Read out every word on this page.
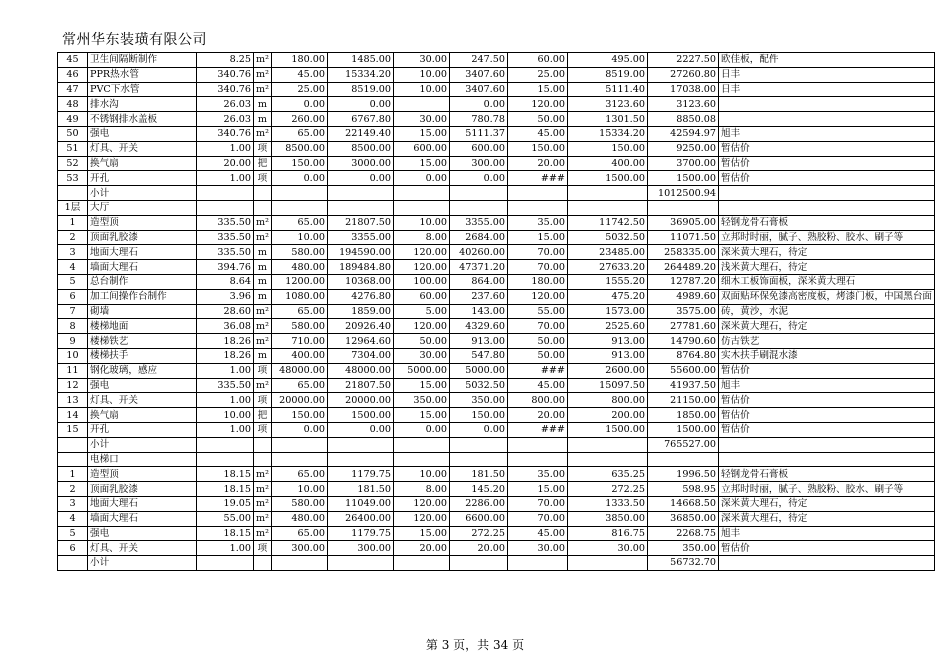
常州华东装璜有限公司
45	卫生间隔断制作	8.25	m²	180.00	1485.00	30.00	247.50	60.00	495.00	2227.50	欧佳板，配件
46	PPR热水管	340.76	m²	45.00	15334.20	10.00	3407.60	25.00	8519.00	27260.80	日丰
47	PVC下水管	340.76	m²	25.00	8519.00	10.00	3407.60	15.00	5111.40	17038.00	日丰
48	排水沟	26.03	m	0.00	0.00		0.00	120.00	3123.60	3123.60	
49	不锈钢排水盖板	26.03	m	260.00	6767.80	30.00	780.78	50.00	1301.50	8850.08	
50	强电	340.76	m²	65.00	22149.40	15.00	5111.37	45.00	15334.20	42594.97	旭丰
51	灯具、开关	1.00	项	8500.00	8500.00	600.00	600.00	150.00	150.00	9250.00	暂估价
52	换气扇	20.00	把	150.00	3000.00	15.00	300.00	20.00	400.00	3700.00	暂估价
53	开孔	1.00	项	0.00	0.00	0.00	0.00	###	1500.00	1500.00	暂估价
	小计									1012500.94	
1层	大厅										
1	造型顶	335.50	m²	65.00	21807.50	10.00	3355.00	35.00	11742.50	36905.00	轻钢龙骨石膏板
2	顶面乳胶漆	335.50	m²	10.00	3355.00	8.00	2684.00	15.00	5032.50	11071.50	立邦时时丽，腻子、熟胶粉、胶水、刷子等
3	地面大理石	335.50	m	580.00	194590.00	120.00	40260.00	70.00	23485.00	258335.00	深米黄大理石，待定
4	墙面大理石	394.76	m	480.00	189484.80	120.00	47371.20	70.00	27633.20	264489.20	浅米黄大理石，待定
5	总台制作	8.64	m	1200.00	10368.00	100.00	864.00	180.00	1555.20	12787.20	细木工板饰面板，深米黄大理石
6	加工间操作台制作	3.96	m	1080.00	4276.80	60.00	237.60	120.00	475.20	4989.60	双面贴环保免漆高密度板，烤漆门板，中国黑台面
7	砌墙	28.60	m²	65.00	1859.00	5.00	143.00	55.00	1573.00	3575.00	砖，黄沙，水泥
8	楼梯地面	36.08	m²	580.00	20926.40	120.00	4329.60	70.00	2525.60	27781.60	深米黄大理石，待定
9	楼梯铁艺	18.26	m²	710.00	12964.60	50.00	913.00	50.00	913.00	14790.60	仿古铁艺
10	楼梯扶手	18.26	m	400.00	7304.00	30.00	547.80	50.00	913.00	8764.80	实木扶手刷混水漆
11	钢化玻璃，感应	1.00	项	48000.00	48000.00	5000.00	5000.00	###	2600.00	55600.00	暂估价
12	强电	335.50	m²	65.00	21807.50	15.00	5032.50	45.00	15097.50	41937.50	旭丰
13	灯具、开关	1.00	项	20000.00	20000.00	350.00	350.00	800.00	800.00	21150.00	暂估价
14	换气扇	10.00	把	150.00	1500.00	15.00	150.00	20.00	200.00	1850.00	暂估价
15	开孔	1.00	项	0.00	0.00	0.00	0.00	###	1500.00	1500.00	暂估价
	小计									765527.00	
	电梯口										
1	造型顶	18.15	m²	65.00	1179.75	10.00	181.50	35.00	635.25	1996.50	轻钢龙骨石膏板
2	顶面乳胶漆	18.15	m²	10.00	181.50	8.00	145.20	15.00	272.25	598.95	立邦时时丽，腻子、熟胶粉、胶水、刷子等
3	地面大理石	19.05	m²	580.00	11049.00	120.00	2286.00	70.00	1333.50	14668.50	深米黄大理石，待定
4	墙面大理石	55.00	m²	480.00	26400.00	120.00	6600.00	70.00	3850.00	36850.00	深米黄大理石，待定
5	强电	18.15	m²	65.00	1179.75	15.00	272.25	45.00	816.75	2268.75	旭丰
6	灯具、开关	1.00	项	300.00	300.00	20.00	20.00	30.00	30.00	350.00	暂估价
	小计									56732.70	
第 3 页，共 34 页
